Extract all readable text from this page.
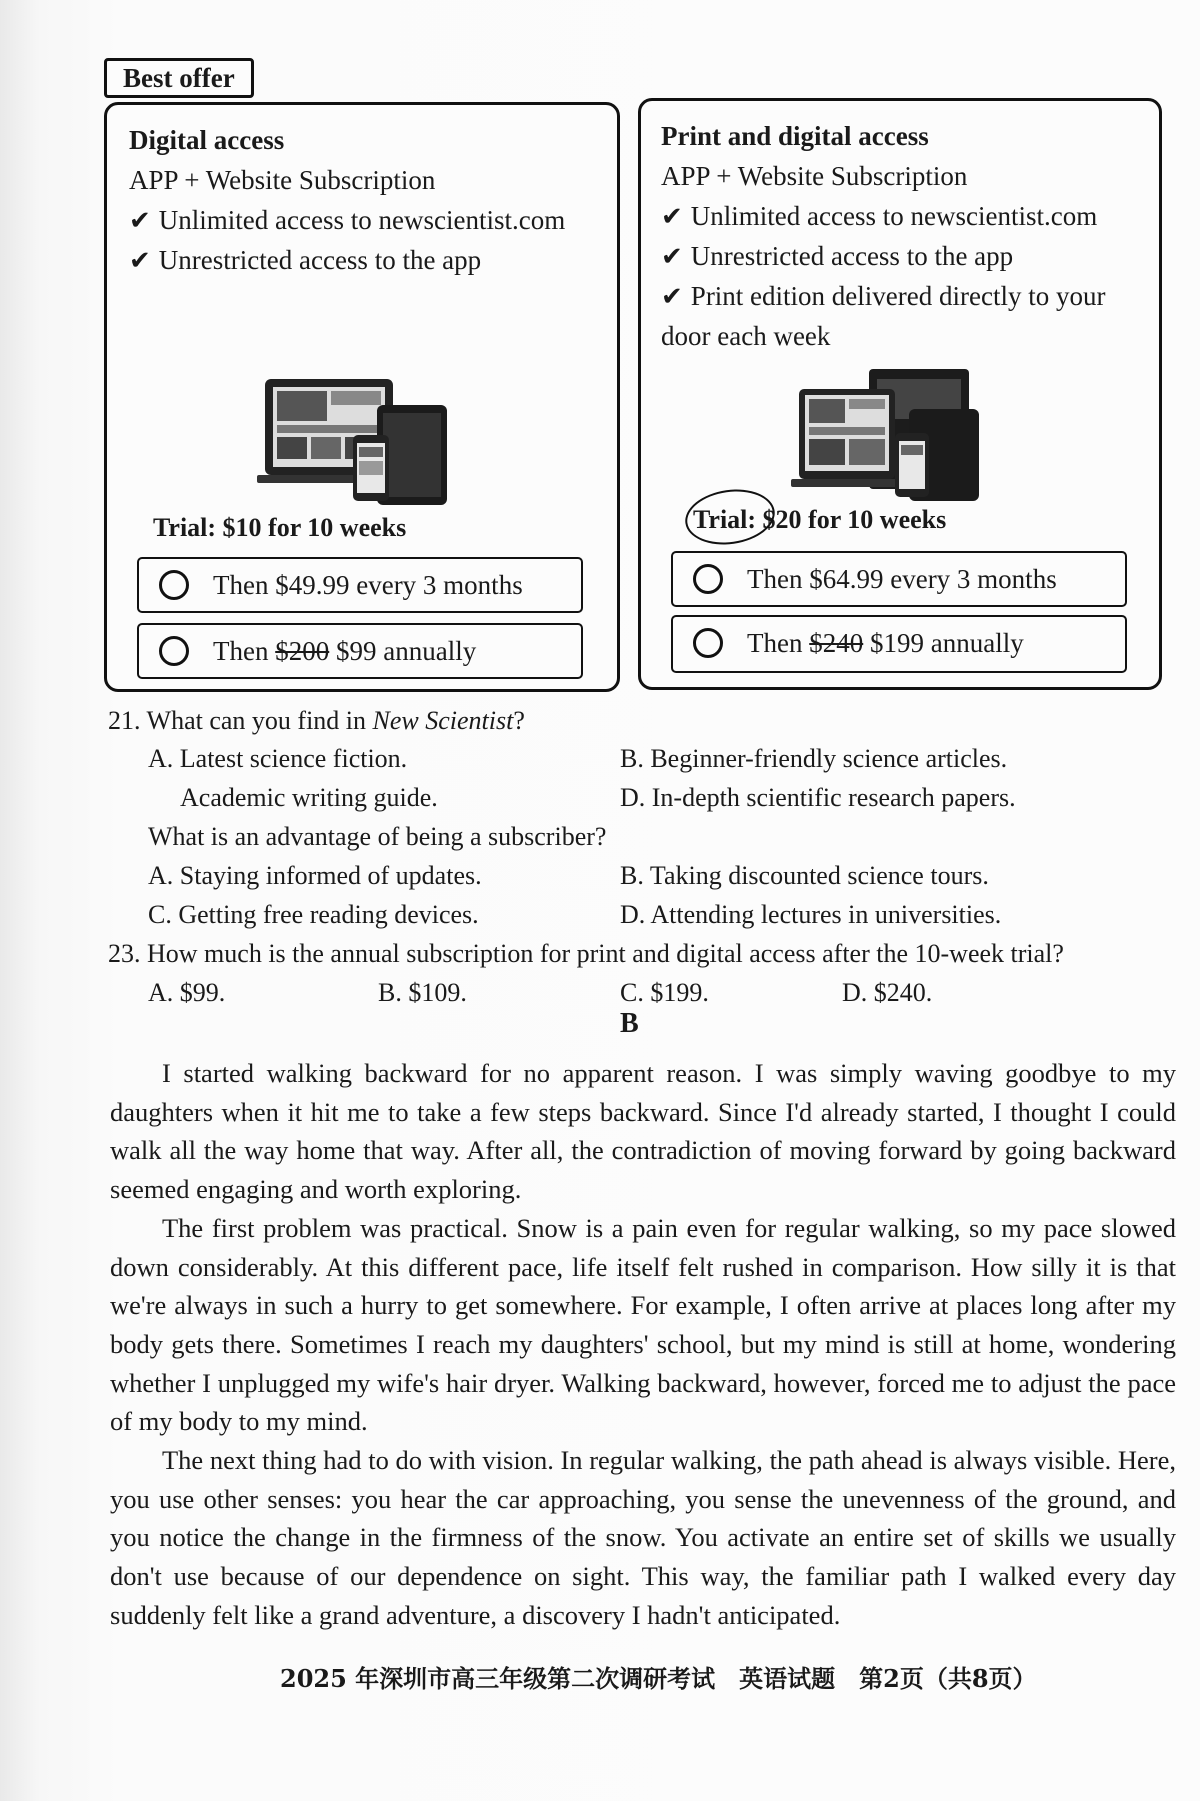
Best offer
Digital access
APP + Website Subscription
✔ Unlimited access to newscientist.com
✔ Unrestricted access to the app
Trial: $10 for 10 weeks
Then $49.99 every 3 months
Then $200 $99 annually
Print and digital access
APP + Website Subscription
✔ Unlimited access to newscientist.com
✔ Unrestricted access to the app
✔ Print edition delivered directly to your
door each week
Trial: $20 for 10 weeks
Then $64.99 every 3 months
Then $240 $199 annually
21. What can you find in New Scientist?
A. Latest science fiction.	B. Beginner-friendly science articles.
Academic writing guide.	D. In-depth scientific research papers.
What is an advantage of being a subscriber?
A. Staying informed of updates.	B. Taking discounted science tours.
C. Getting free reading devices.	D. Attending lectures in universities.
23. How much is the annual subscription for print and digital access after the 10-week trial?
A. $99.	B. $109.	C. $199.	D. $240.
B

I started walking backward for no apparent reason. I was simply waving goodbye to my daughters when it hit me to take a few steps backward. Since I'd already started, I thought I could walk all the way home that way. After all, the contradiction of moving forward by going backward seemed engaging and worth exploring.

The first problem was practical. Snow is a pain even for regular walking, so my pace slowed down considerably. At this different pace, life itself felt rushed in comparison. How silly it is that we're always in such a hurry to get somewhere. For example, I often arrive at places long after my body gets there. Sometimes I reach my daughters' school, but my mind is still at home, wondering whether I unplugged my wife's hair dryer. Walking backward, however, forced me to adjust the pace of my body to my mind.

The next thing had to do with vision. In regular walking, the path ahead is always visible. Here, you use other senses: you hear the car approaching, you sense the unevenness of the ground, and you notice the change in the firmness of the snow. You activate an entire set of skills we usually don't use because of our dependence on sight. This way, the familiar path I walked every day suddenly felt like a grand adventure, a discovery I hadn't anticipated.

2025 年深圳市高三年级第二次调研考试　英语试题　第2页（共8页）
